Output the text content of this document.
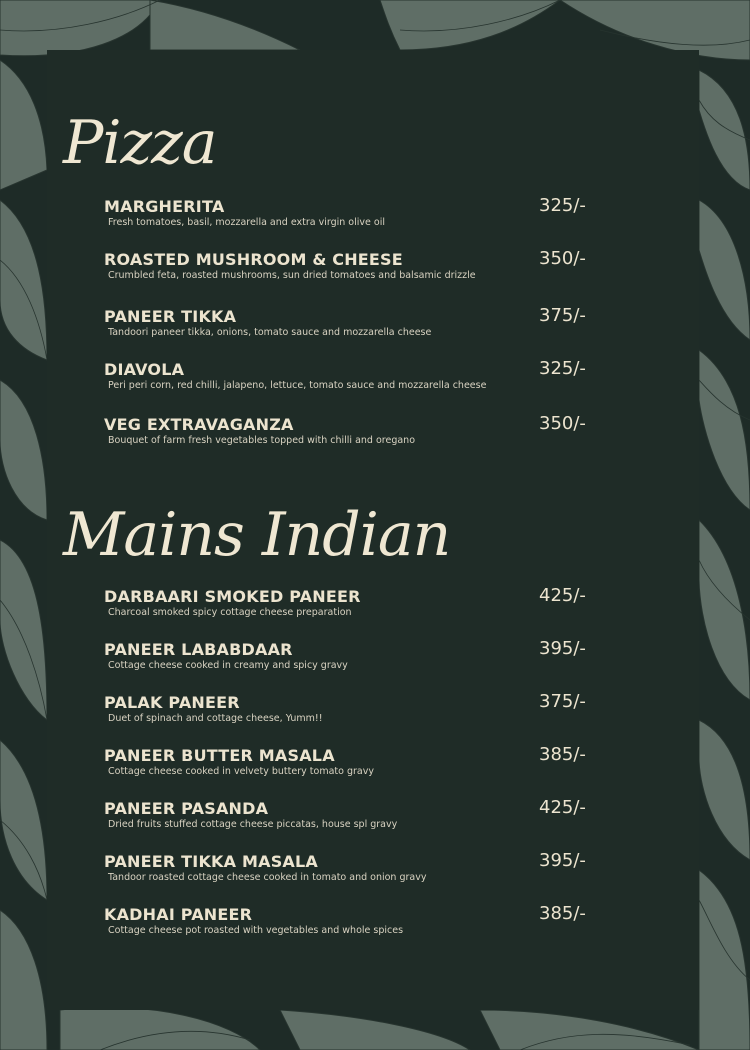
Pizza
MARGHERITA
Fresh tomatoes, basil, mozzarella and extra virgin olive oil
325/-
ROASTED MUSHROOM & CHEESE
Crumbled feta, roasted mushrooms, sun dried tomatoes and balsamic drizzle
350/-
PANEER TIKKA
Tandoori paneer tikka, onions, tomato sauce and mozzarella cheese
375/-
DIAVOLA
Peri peri corn, red chilli, jalapeno, lettuce, tomato sauce and mozzarella cheese
325/-
VEG EXTRAVAGANZA
Bouquet of farm fresh vegetables topped with chilli and oregano
350/-
Mains Indian
DARBAARI SMOKED PANEER
Charcoal smoked spicy cottage cheese preparation
425/-
PANEER LABABDAAR
Cottage cheese cooked in creamy and spicy gravy
395/-
PALAK PANEER
Duet of spinach and cottage cheese, Yumm!!
375/-
PANEER BUTTER MASALA
Cottage cheese cooked in velvety buttery tomato gravy
385/-
PANEER PASANDA
Dried fruits stuffed cottage cheese piccatas, house spl gravy
425/-
PANEER TIKKA MASALA
Tandoor roasted cottage cheese cooked in tomato and onion gravy
395/-
KADHAI PANEER
Cottage cheese pot roasted with vegetables and whole spices
385/-
